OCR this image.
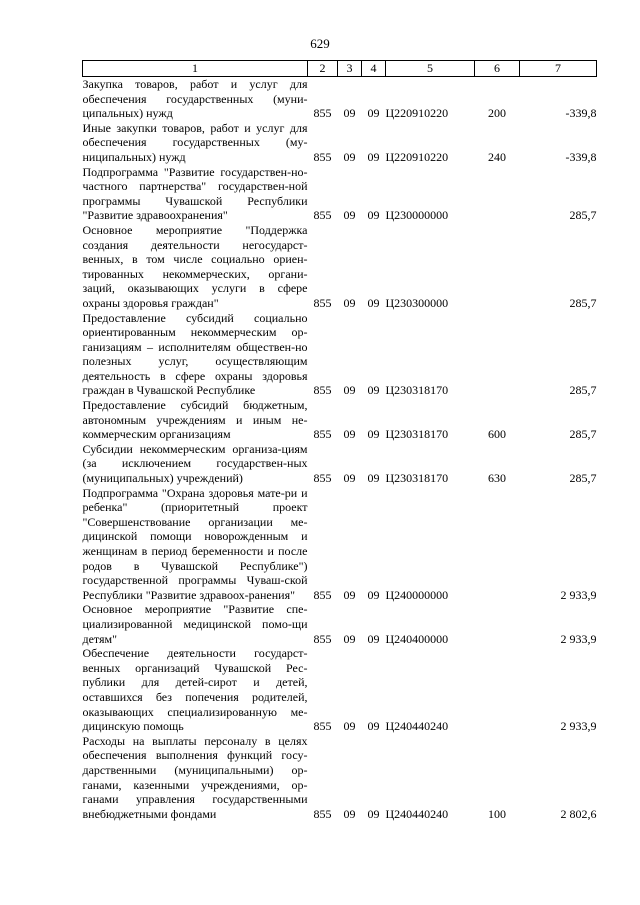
629
1	2	3	4	5	6	7
Закупка товаров, работ и услуг для обеспечения государственных (муни-ципальных) нужд	855	09	09	Ц220910220	200	-339,8
Иные закупки товаров, работ и услуг для обеспечения государственных (му-ниципальных) нужд	855	09	09	Ц220910220	240	-339,8
Подпрограмма "Развитие государствен-но-частного партнерства" государствен-ной программы Чувашской Республики "Развитие здравоохранения"	855	09	09	Ц230000000		285,7
Основное мероприятие "Поддержка создания деятельности негосударст-венных, в том числе социально ориен-тированных некоммерческих, органи-заций, оказывающих услуги в сфере охраны здоровья граждан"	855	09	09	Ц230300000		285,7
Предоставление субсидий социально ориентированным некоммерческим ор-ганизациям – исполнителям обществен-но полезных услуг, осуществляющим деятельность в сфере охраны здоровья граждан в Чувашской Республике	855	09	09	Ц230318170		285,7
Предоставление субсидий бюджетным, автономным учреждениям и иным не-коммерческим организациям	855	09	09	Ц230318170	600	285,7
Субсидии некоммерческим организа-циям (за исключением государствен-ных (муниципальных) учреждений)	855	09	09	Ц230318170	630	285,7
Подпрограмма "Охрана здоровья мате-ри и ребенка" (приоритетный проект "Совершенствование организации ме-дицинской помощи новорожденным и женщинам в период беременности и после родов в Чувашской Республике") государственной программы Чуваш-ской Республики "Развитие здравоох-ранения"	855	09	09	Ц240000000		2 933,9
Основное мероприятие "Развитие спе-циализированной медицинской помо-щи детям"	855	09	09	Ц240400000		2 933,9
Обеспечение деятельности государст-венных организаций Чувашской Рес-публики для детей-сирот и детей, оставшихся без попечения родителей, оказывающих специализированную ме-дицинскую помощь	855	09	09	Ц240440240		2 933,9
Расходы на выплаты персоналу в целях обеспечения выполнения функций госу-дарственными (муниципальными) ор-ганами, казенными учреждениями, ор-ганами управления государственными внебюджетными фондами	855	09	09	Ц240440240	100	2 802,6
